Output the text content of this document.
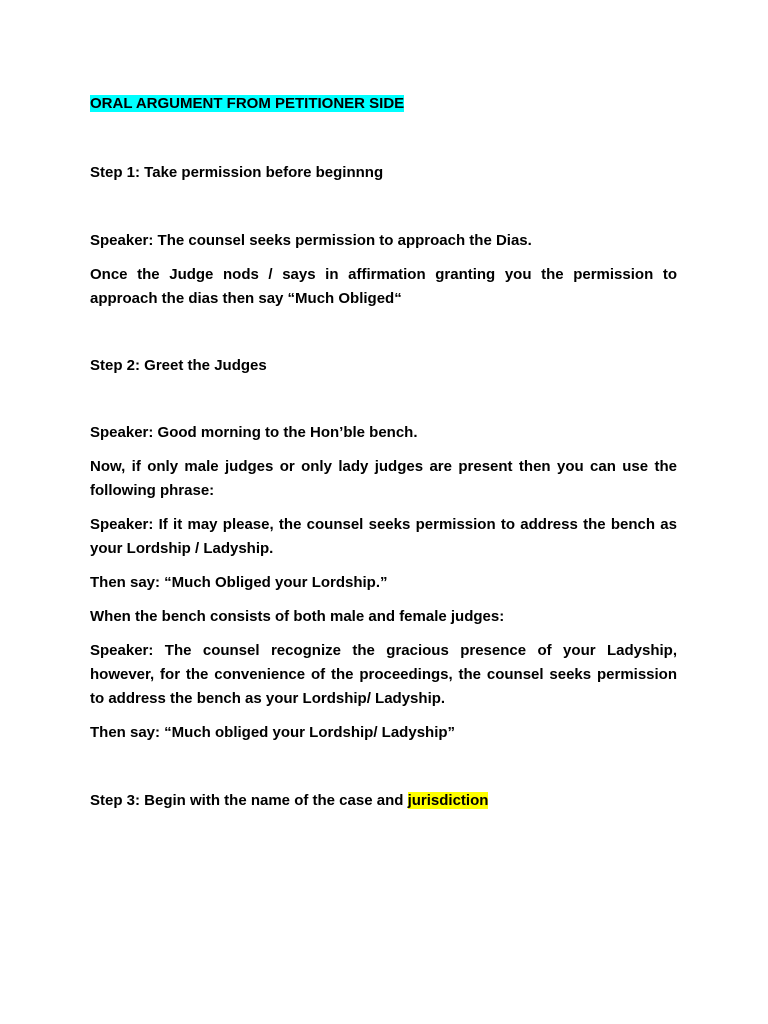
ORAL ARGUMENT FROM PETITIONER SIDE

Step 1: Take permission before beginnng

Speaker: The counsel seeks permission to approach the Dias.

Once the Judge nods / says in affirmation granting you the permission to approach the dias then say “Much Obliged“

Step 2: Greet the Judges

Speaker: Good morning to the Hon’ble bench.

Now, if only male judges or only lady judges are present then you can use the following phrase:

Speaker: If it may please, the counsel seeks permission to address the bench as your Lordship / Ladyship.

Then say: “Much Obliged your Lordship.”

When the bench consists of both male and female judges:

Speaker: The counsel recognize the gracious presence of your Ladyship, however, for the convenience of the proceedings, the counsel seeks permission to address the bench as your Lordship/ Ladyship.

Then say: “Much obliged your Lordship/ Ladyship”

Step 3: Begin with the name of the case and jurisdiction
